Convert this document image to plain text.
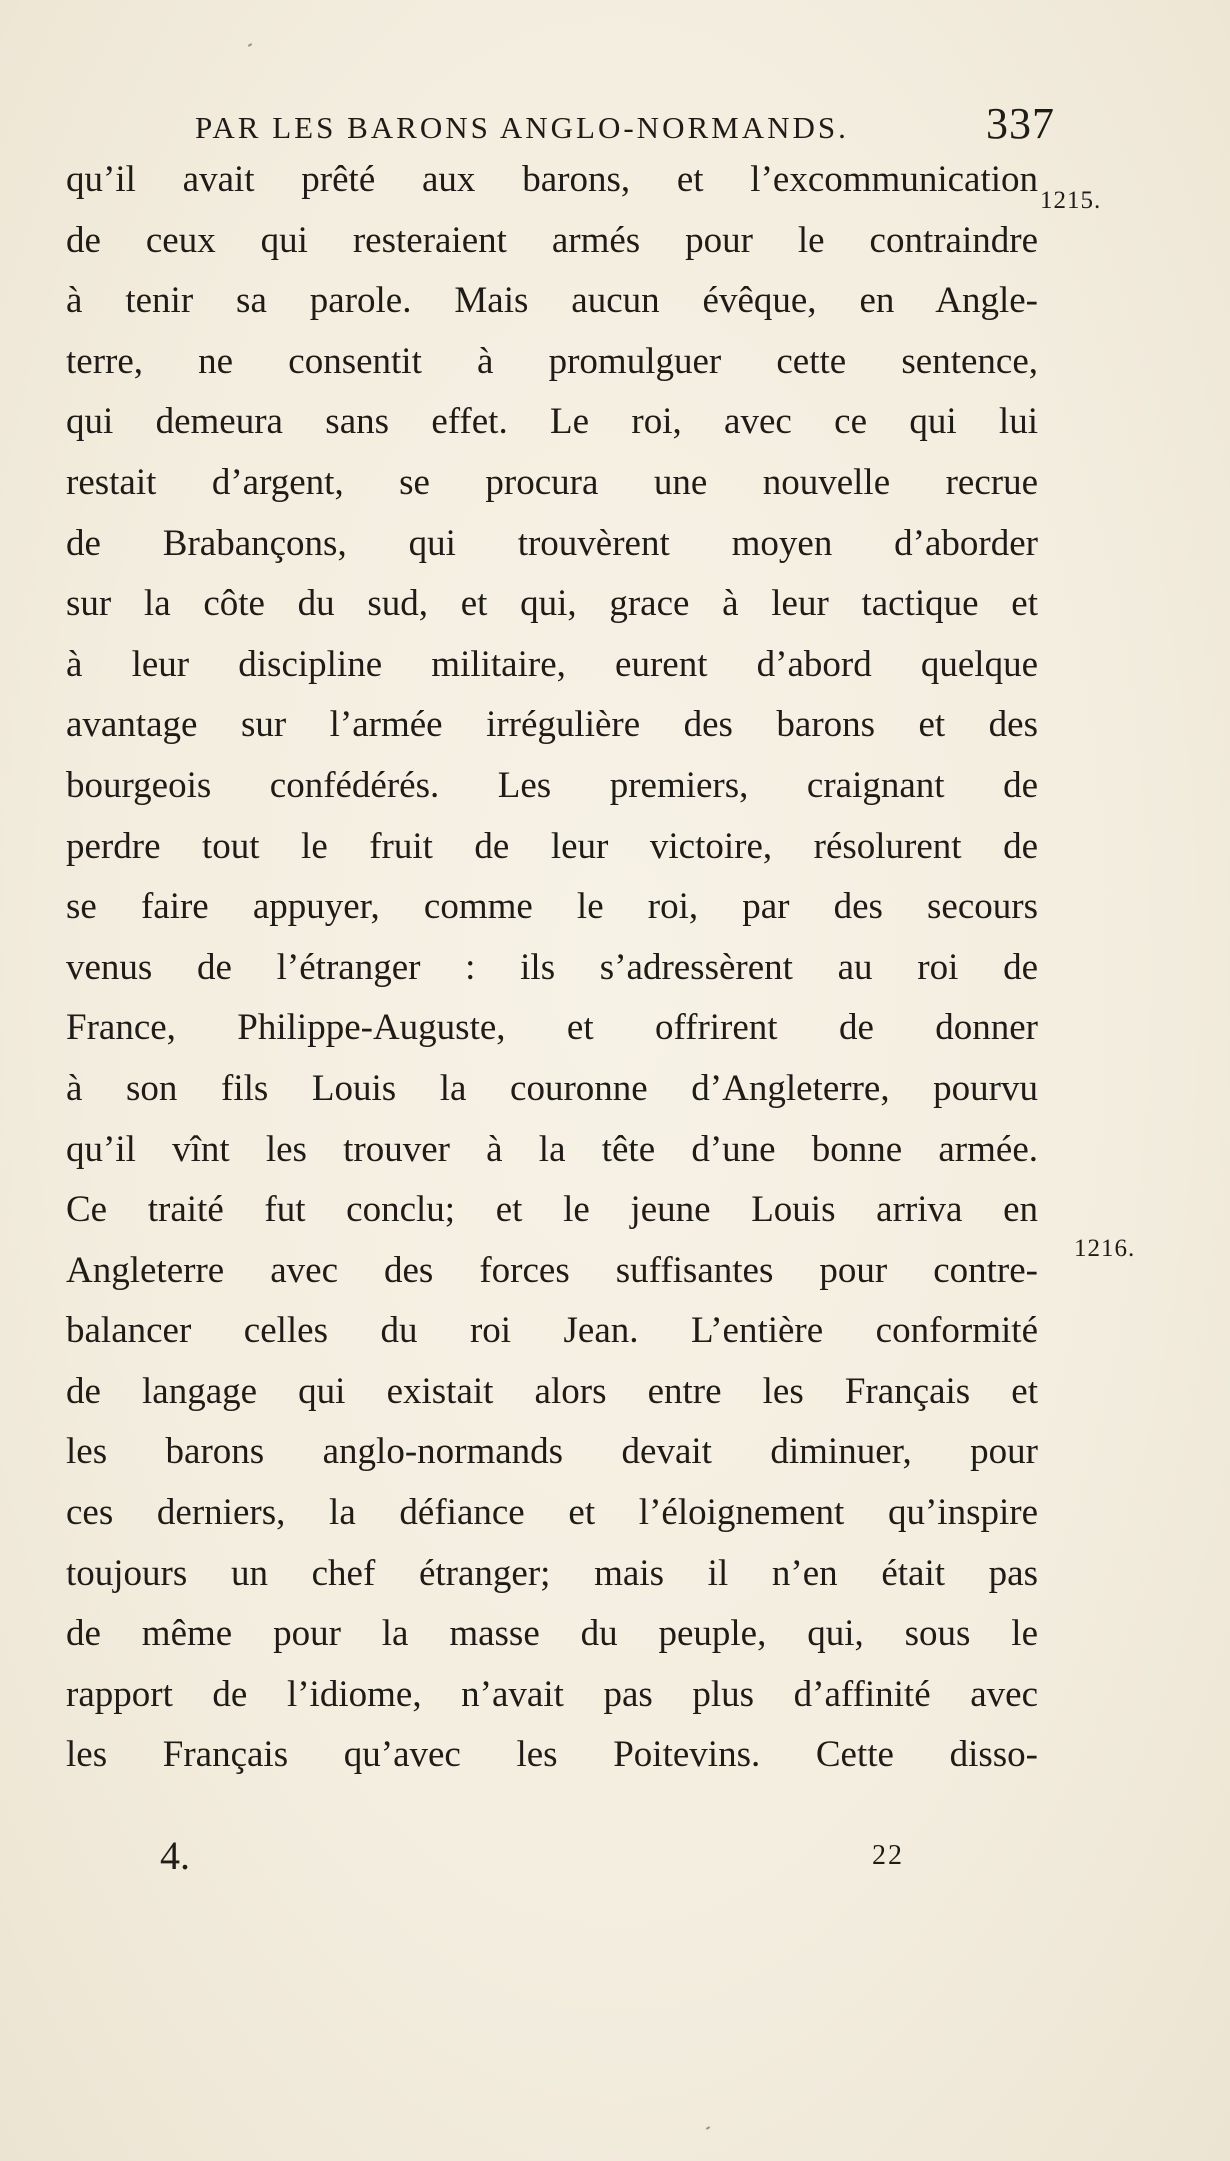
PAR LES BARONS ANGLO-NORMANDS.	337
1215.
1216.
qu’il avait prêté aux barons, et l’excommunication
de ceux qui resteraient armés pour le contraindre
à tenir sa parole. Mais aucun évêque, en Angle-
terre, ne consentit à promulguer cette sentence,
qui demeura sans effet. Le roi, avec ce qui lui
restait d’argent, se procura une nouvelle recrue
de Brabançons, qui trouvèrent moyen d’aborder
sur la côte du sud, et qui, grace à leur tactique et
à leur discipline militaire, eurent d’abord quelque
avantage sur l’armée irrégulière des barons et des
bourgeois confédérés. Les premiers, craignant de
perdre tout le fruit de leur victoire, résolurent de
se faire appuyer, comme le roi, par des secours
venus de l’étranger : ils s’adressèrent au roi de
France, Philippe-Auguste, et offrirent de donner
à son fils Louis la couronne d’Angleterre, pourvu
qu’il vînt les trouver à la tête d’une bonne armée.
Ce traité fut conclu; et le jeune Louis arriva en
Angleterre avec des forces suffisantes pour contre-
balancer celles du roi Jean. L’entière conformité
de langage qui existait alors entre les Français et
les barons anglo-normands devait diminuer, pour
ces derniers, la défiance et l’éloignement qu’inspire
toujours un chef étranger; mais il n’en était pas
de même pour la masse du peuple, qui, sous le
rapport de l’idiome, n’avait pas plus d’affinité avec
les Français qu’avec les Poitevins. Cette disso-
4.	22
